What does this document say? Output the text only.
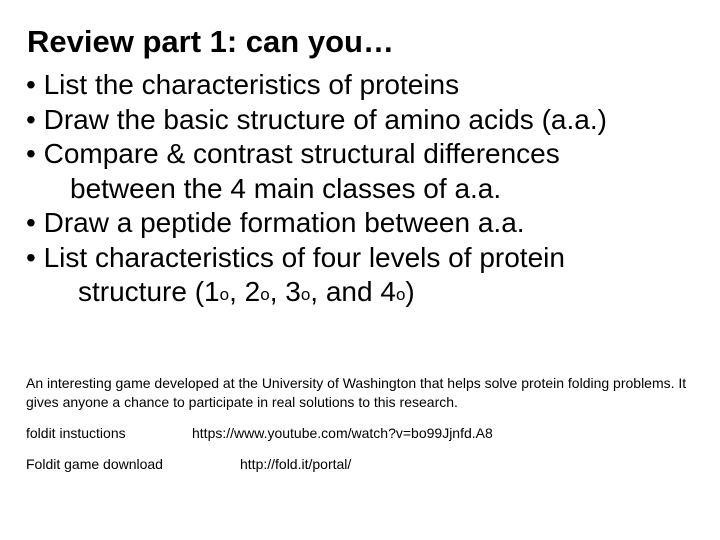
Review part 1: can you…
• List the characteristics of proteins
• Draw the basic structure of amino acids (a.a.)
• Compare & contrast structural differences
between the 4 main classes of a.a.
• Draw a peptide formation between a.a.
• List characteristics of four levels of protein
structure (1o, 2o, 3o, and 4o)
An interesting game developed at the University of Washington that helps solve protein folding problems. It gives anyone a chance to participate in real solutions to this research.
foldit instuctions	https://www.youtube.com/watch?v=bo99Jjnfd.A8
Foldit game download	http://fold.it/portal/
